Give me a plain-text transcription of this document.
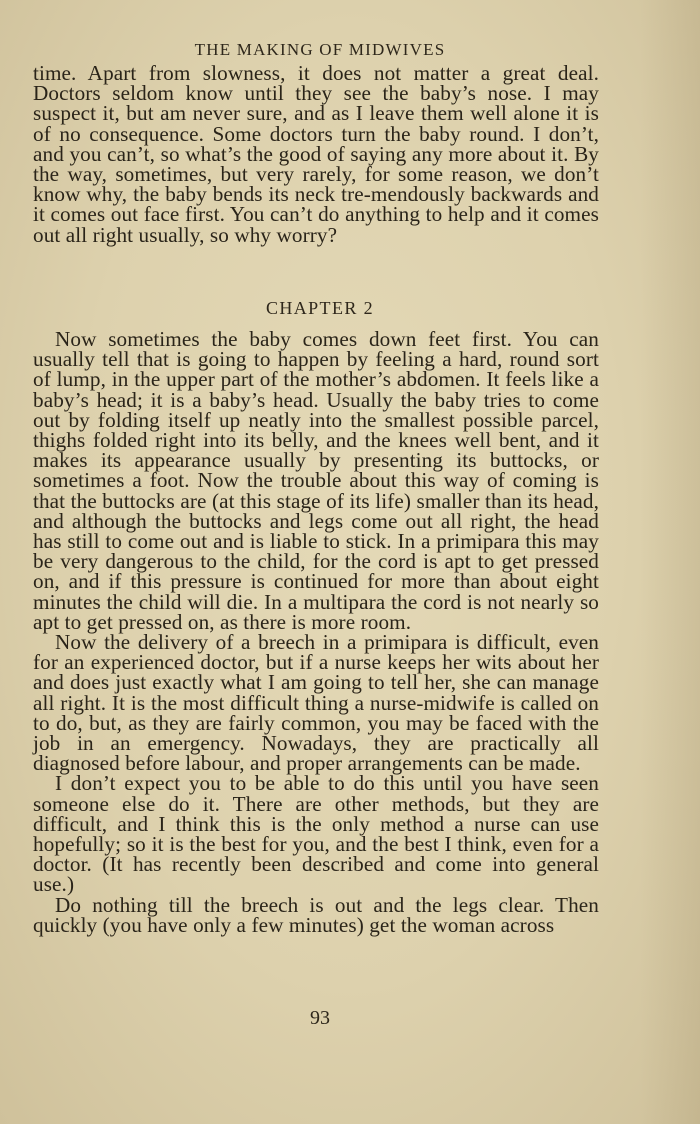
THE MAKING OF MIDWIVES

time. Apart from slowness, it does not matter a great deal. Doctors seldom know until they see the baby’s nose. I may suspect it, but am never sure, and as I leave them well alone it is of no consequence. Some doctors turn the baby round. I don’t, and you can’t, so what’s the good of saying any more about it. By the way, sometimes, but very rarely, for some reason, we don’t know why, the baby bends its neck tre-mendously backwards and it comes out face first. You can’t do anything to help and it comes out all right usually, so why worry?

CHAPTER 2

Now sometimes the baby comes down feet first. You can usually tell that is going to happen by feeling a hard, round sort of lump, in the upper part of the mother’s abdomen. It feels like a baby’s head; it is a baby’s head. Usually the baby tries to come out by folding itself up neatly into the smallest possible parcel, thighs folded right into its belly, and the knees well bent, and it makes its appearance usually by presenting its buttocks, or sometimes a foot. Now the trouble about this way of coming is that the buttocks are (at this stage of its life) smaller than its head, and although the buttocks and legs come out all right, the head has still to come out and is liable to stick. In a primipara this may be very dangerous to the child, for the cord is apt to get pressed on, and if this pressure is continued for more than about eight minutes the child will die. In a multipara the cord is not nearly so apt to get pressed on, as there is more room.

Now the delivery of a breech in a primipara is difficult, even for an experienced doctor, but if a nurse keeps her wits about her and does just exactly what I am going to tell her, she can manage all right. It is the most difficult thing a nurse-midwife is called on to do, but, as they are fairly common, you may be faced with the job in an emergency. Nowadays, they are practically all diagnosed before labour, and proper arrangements can be made.

I don’t expect you to be able to do this until you have seen someone else do it. There are other methods, but they are difficult, and I think this is the only method a nurse can use hopefully; so it is the best for you, and the best I think, even for a doctor. (It has recently been described and come into general use.)

Do nothing till the breech is out and the legs clear. Then quickly (you have only a few minutes) get the woman across

93
